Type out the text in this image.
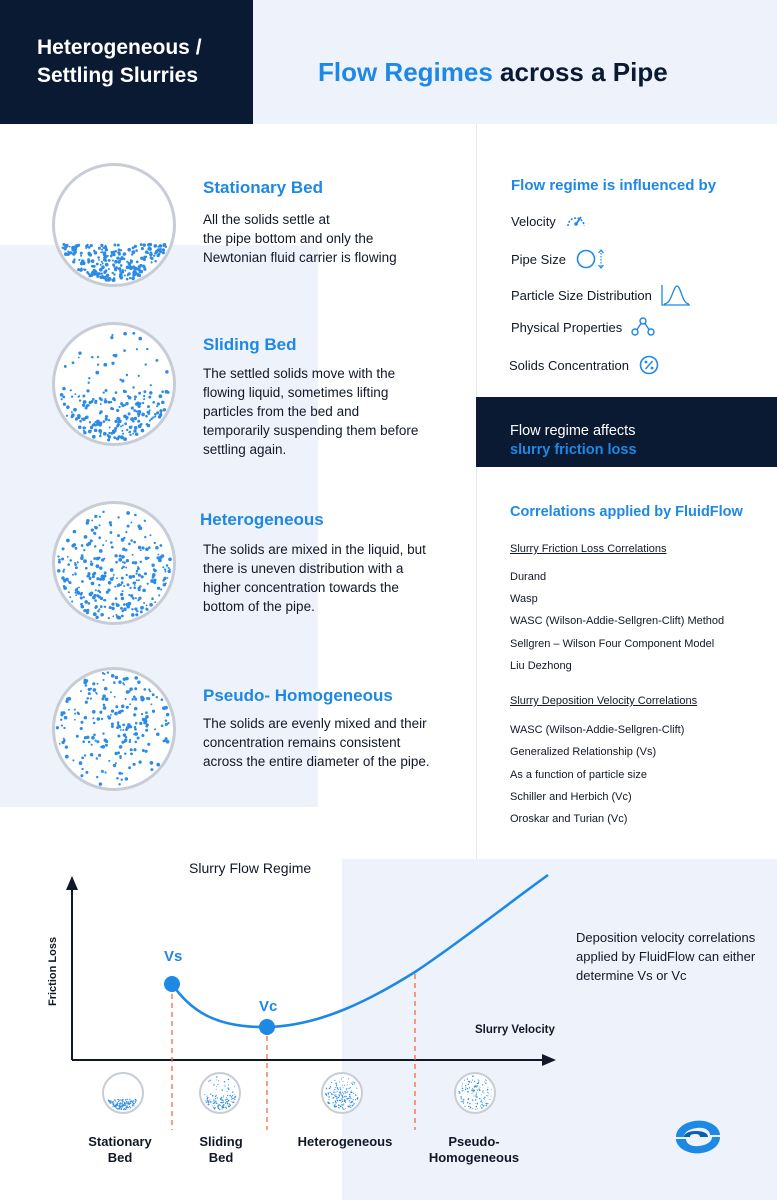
Heterogeneous /
Settling Slurries	Flow Regimes across a Pipe
Stationary Bed
All the solids settle at
the pipe bottom and only the
Newtonian fluid carrier is flowing
Sliding Bed
The settled solids move with the
flowing liquid, sometimes lifting
particles from the bed and
temporarily suspending them before
settling again.
Heterogeneous
The solids are mixed in the liquid, but
there is uneven distribution with a
higher concentration towards the
bottom of the pipe.
Pseudo- Homogeneous
The solids are evenly mixed and their
concentration remains consistent
across the entire diameter of the pipe.
Flow regime is influenced by
Velocity
Pipe Size
Particle Size Distribution
Physical Properties
Solids Concentration
Flow regime affects
slurry friction loss
Correlations applied by FluidFlow
Slurry Friction Loss Correlations
Durand
Wasp
WASC (Wilson-Addie-Sellgren-Clift) Method
Sellgren – Wilson Four Component Model
Liu Dezhong
Slurry Deposition Velocity Correlations
WASC (Wilson-Addie-Sellgren-Clift)
Generalized Relationship (Vs)
As a function of particle size
Schiller and Herbich (Vc)
Oroskar and Turian (Vc)
Slurry Flow Regime
Friction Loss
Slurry Velocity
Vs
Vc
Stationary
Bed
Sliding
Bed
Heterogeneous	Pseudo-
Homogeneous
Deposition velocity correlations applied by FluidFlow can either determine Vs or Vc
